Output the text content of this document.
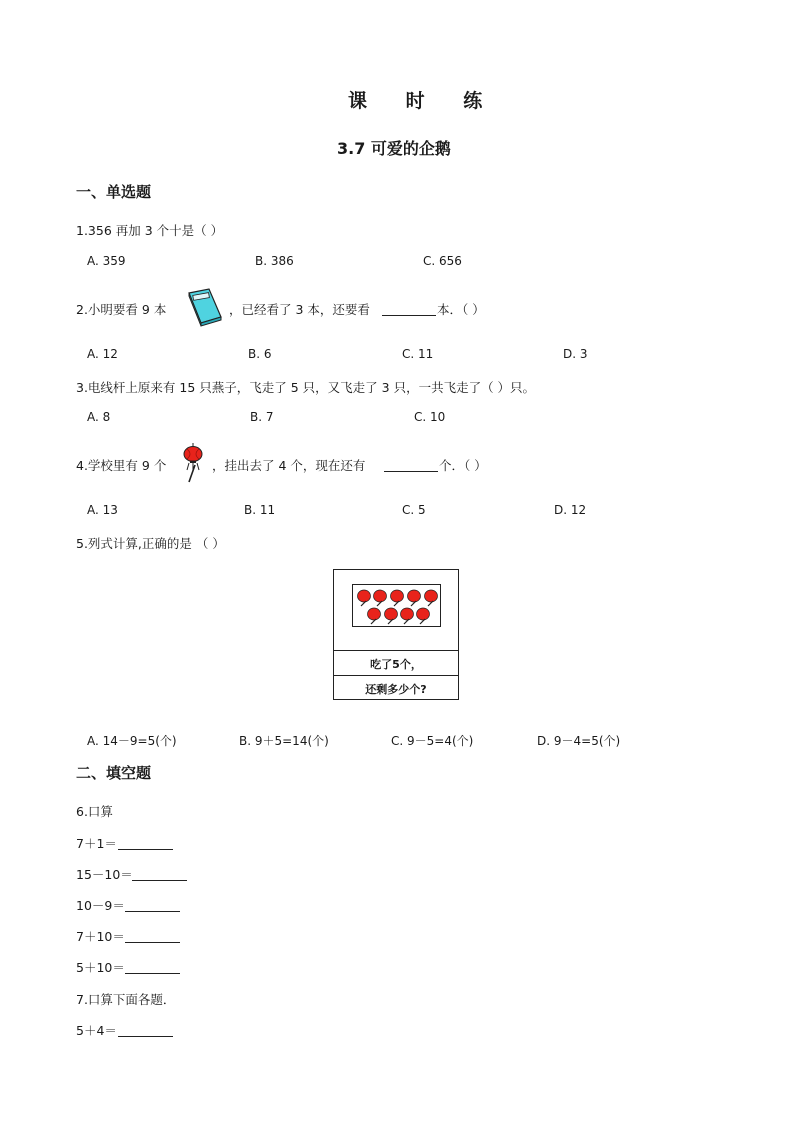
课 时 练
3.7 可爱的企鹅
一、单选题
1.356 再加 3 个十是（ ）
A. 359	B. 386	C. 656
2.小明要看 9 本	，已经看了 3 本，还要看	本．（ ）
A. 12	B. 6	C. 11	D. 3
3.电线杆上原来有 15 只燕子，飞走了 5 只，又飞走了 3 只，一共飞走了（ ）只。
A. 8	B. 7	C. 10
4.学校里有 9 个	，挂出去了 4 个，现在还有	个．（ ）
A. 13	B. 11	C. 5	D. 12
5.列式计算,正确的是 （ ）
吃了5个，
还剩多少个?
A. 14－9=5(个)	B. 9＋5=14(个)	C. 9－5=4(个)	D. 9－4=5(个)
二、填空题
6.口算
7＋1＝
15－10＝
10－9＝
7＋10＝
5＋10＝
7.口算下面各题．
5＋4＝
